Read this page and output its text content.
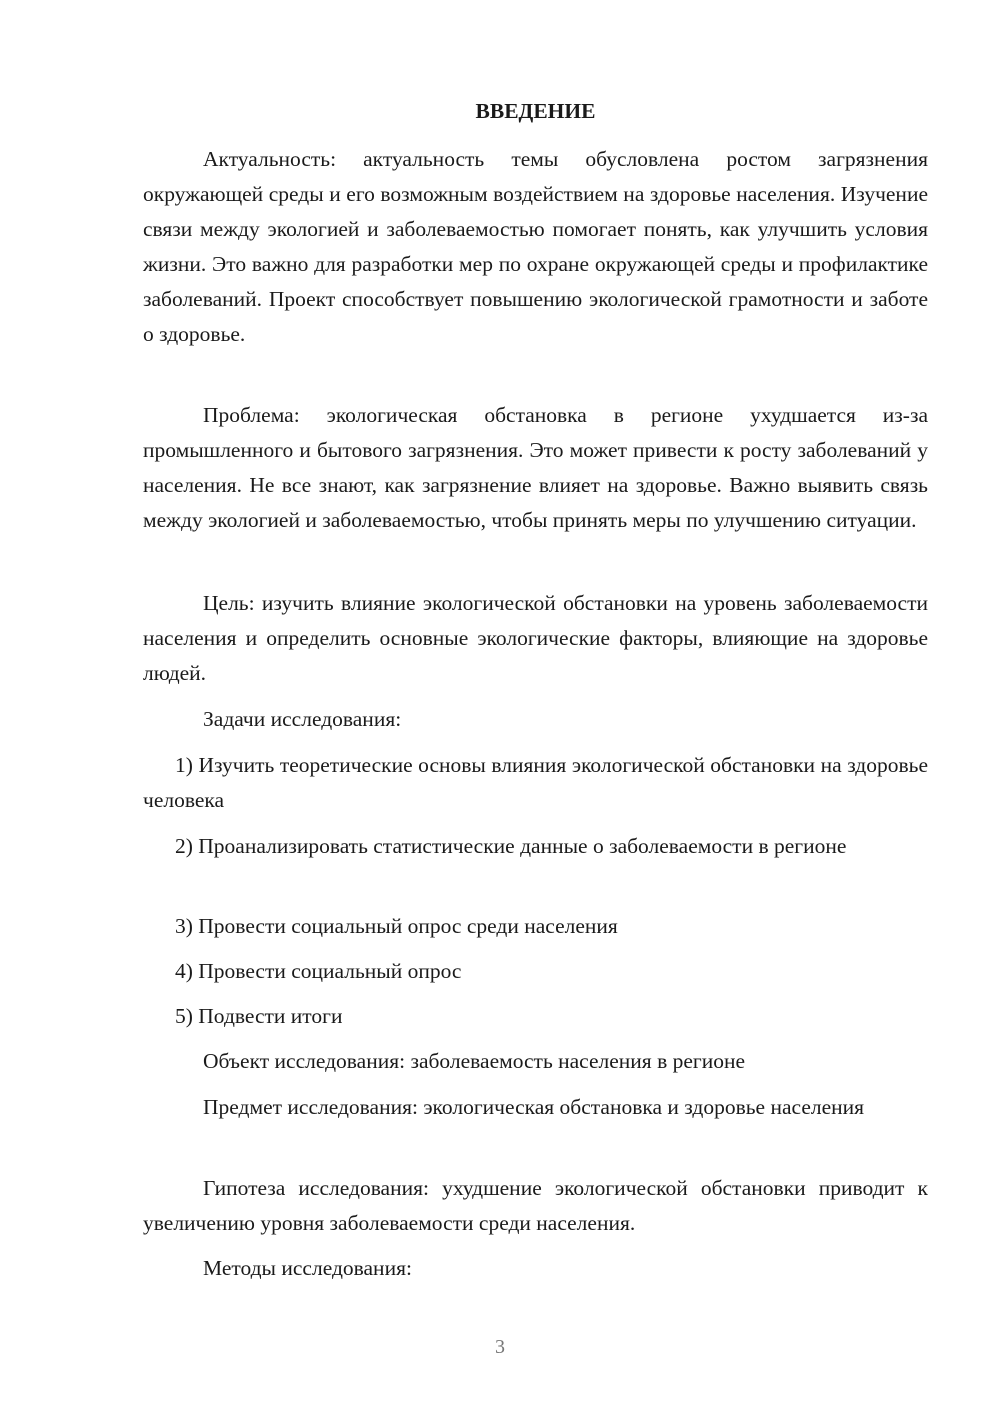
ВВЕДЕНИЕ

Актуальность: актуальность темы обусловлена ростом загрязнения окружающей среды и его возможным воздействием на здоровье населения. Изучение связи между экологией и заболеваемостью помогает понять, как улучшить условия жизни. Это важно для разработки мер по охране окружающей среды и профилактике заболеваний. Проект способствует повышению экологической грамотности и заботе о здоровье.

Проблема: экологическая обстановка в регионе ухудшается из-за промышленного и бытового загрязнения. Это может привести к росту заболеваний у населения. Не все знают, как загрязнение влияет на здоровье. Важно выявить связь между экологией и заболеваемостью, чтобы принять меры по улучшению ситуации.

Цель: изучить влияние экологической обстановки на уровень заболеваемости населения и определить основные экологические факторы, влияющие на здоровье людей.

Задачи исследования:

1) Изучить теоретические основы влияния экологической обстановки на здоровье человека

2) Проанализировать статистические данные о заболеваемости в регионе

3) Провести социальный опрос среди населения

4) Провести социальный опрос

5) Подвести итоги

Объект исследования: заболеваемость населения в регионе

Предмет исследования: экологическая обстановка и здоровье населения

Гипотеза исследования: ухудшение экологической обстановки приводит к увеличению уровня заболеваемости среди населения.

Методы исследования:

3
